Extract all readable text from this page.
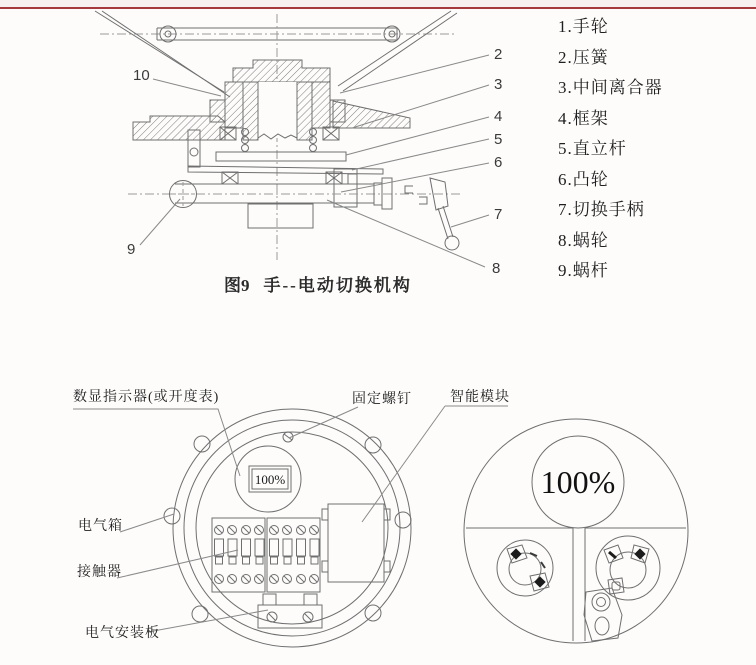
10
9
2
3
4
5
6
7
8
1.手轮
2.压簧
3.中间离合器
4.框架
5.直立杆
6.凸轮
7.切换手柄
8.蜗轮
9.蜗杆
图9 手--电动切换机构
数显指示器(或开度表)	固定螺钉	智能模块
电气箱
接触器
电气安装板
100%	100%
